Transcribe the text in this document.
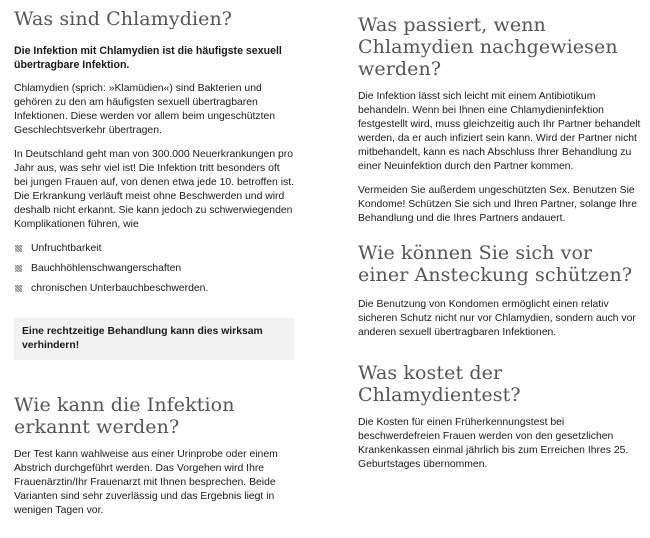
Was sind Chlamydien?

Die Infektion mit Chlamydien ist die häufigste sexuell übertragbare Infektion.

Chlamydien (sprich: »Klamüdien«) sind Bakterien und gehören zu den am häufigsten sexuell übertragbaren Infektionen. Diese werden vor allem beim ungeschützten Geschlechtsverkehr übertragen.

In Deutschland geht man von 300.000 Neuerkrankungen pro Jahr aus, was sehr viel ist! Die Infektion tritt besonders oft bei jungen Frauen auf, von denen etwa jede 10. betroffen ist. Die Erkrankung verläuft meist ohne Beschwerden und wird deshalb nicht erkannt. Sie kann jedoch zu schwerwiegenden Komplikationen führen, wie

Unfruchtbarkeit
Bauchhöhlenschwangerschaften
chronischen Unterbauchbeschwerden.
Eine rechtzeitige Behandlung kann dies wirksam verhindern!
Wie kann die Infektion erkannt werden?

Der Test kann wahlweise aus einer Urinprobe oder einem Abstrich durchgeführt werden. Das Vorgehen wird Ihre Frauenärztin/Ihr Frauenarzt mit Ihnen besprechen. Beide Varianten sind sehr zuverlässig und das Ergebnis liegt in wenigen Tagen vor.

Was passiert, wenn Chlamydien nachgewiesen werden?

Die Infektion lässt sich leicht mit einem Antibiotikum behandeln. Wenn bei Ihnen eine Chlamydieninfektion festgestellt wird, muss gleichzeitig auch Ihr Partner behandelt werden, da er auch infiziert sein kann. Wird der Partner nicht mitbehandelt, kann es nach Abschluss Ihrer Behandlung zu einer Neuinfektion durch den Partner kommen.

Vermeiden Sie außerdem ungeschützten Sex. Benutzen Sie Kondome! Schützen Sie sich und Ihren Partner, solange Ihre Behandlung und die Ihres Partners andauert.

Wie können Sie sich vor einer Ansteckung schützen?

Die Benutzung von Kondomen ermöglicht einen relativ sicheren Schutz nicht nur vor Chlamydien, sondern auch vor anderen sexuell übertragbaren Infektionen.

Was kostet der Chlamydientest?

Die Kosten für einen Früherkennungstest bei beschwerdefreien Frauen werden von den gesetzlichen Krankenkassen einmal jährlich bis zum Erreichen Ihres 25. Geburtstages übernommen.
